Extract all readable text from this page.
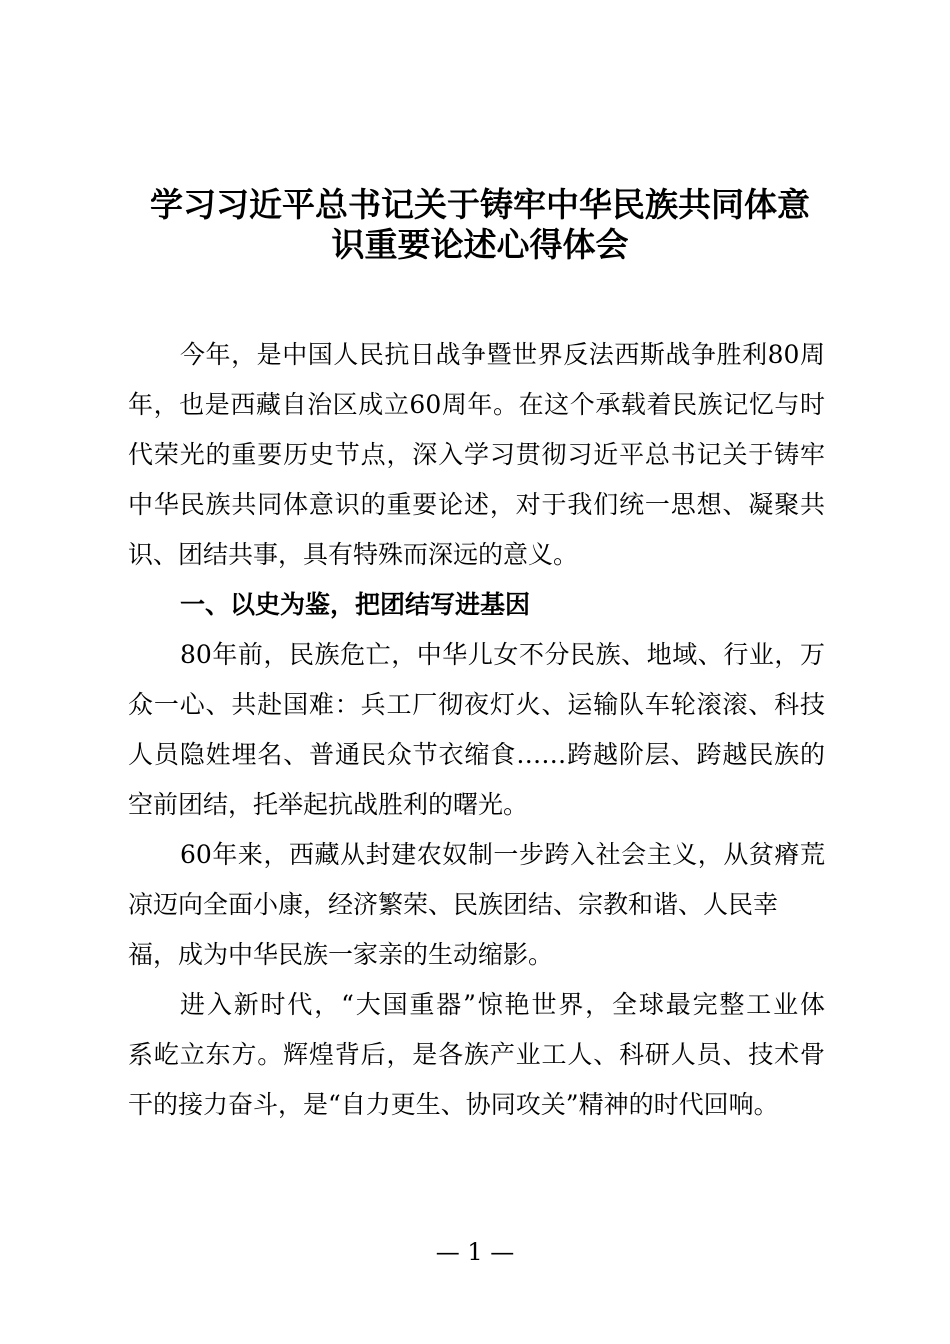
学习习近平总书记关于铸牢中华民族共同体意
识重要论述心得体会
今年，是中国人民抗日战争暨世界反法西斯战争胜利80周
年，也是西藏自治区成立60周年。在这个承载着民族记忆与时
代荣光的重要历史节点，深入学习贯彻习近平总书记关于铸牢
中华民族共同体意识的重要论述，对于我们统一思想、凝聚共
识、团结共事，具有特殊而深远的意义。
一、以史为鉴，把团结写进基因
80年前，民族危亡，中华儿女不分民族、地域、行业，万
众一心、共赴国难：兵工厂彻夜灯火、运输队车轮滚滚、科技
人员隐姓埋名、普通民众节衣缩食……跨越阶层、跨越民族的
空前团结，托举起抗战胜利的曙光。
60年来，西藏从封建农奴制一步跨入社会主义，从贫瘠荒
凉迈向全面小康，经济繁荣、民族团结、宗教和谐、人民幸
福，成为中华民族一家亲的生动缩影。
进入新时代，“大国重器”惊艳世界，全球最完整工业体
系屹立东方。辉煌背后，是各族产业工人、科研人员、技术骨
干的接力奋斗，是“自力更生、协同攻关”精神的时代回响。
— 1 —
